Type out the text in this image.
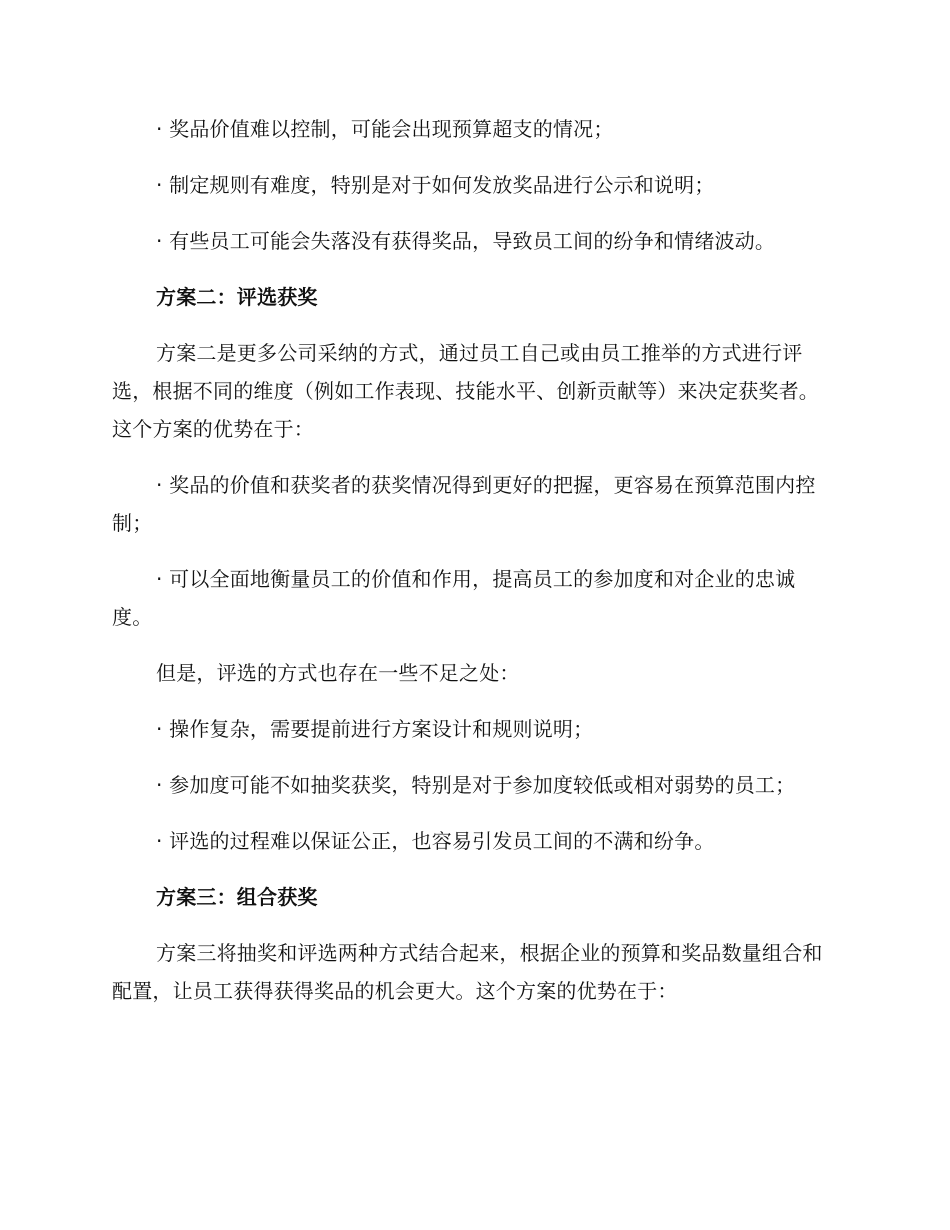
· 奖品价值难以控制，可能会出现预算超支的情况；

· 制定规则有难度，特别是对于如何发放奖品进行公示和说明；

· 有些员工可能会失落没有获得奖品，导致员工间的纷争和情绪波动。

方案二：评选获奖

方案二是更多公司采纳的方式，通过员工自己或由员工推举的方式进行评选，根据不同的维度（例如工作表现、技能水平、创新贡献等）来决定获奖者。这个方案的优势在于：

· 奖品的价值和获奖者的获奖情况得到更好的把握，更容易在预算范围内控制；

· 可以全面地衡量员工的价值和作用，提高员工的参加度和对企业的忠诚度。

但是，评选的方式也存在一些不足之处：

· 操作复杂，需要提前进行方案设计和规则说明；

· 参加度可能不如抽奖获奖，特别是对于参加度较低或相对弱势的员工；

· 评选的过程难以保证公正，也容易引发员工间的不满和纷争。

方案三：组合获奖

方案三将抽奖和评选两种方式结合起来，根据企业的预算和奖品数量组合和配置，让员工获得获得奖品的机会更大。这个方案的优势在于：
